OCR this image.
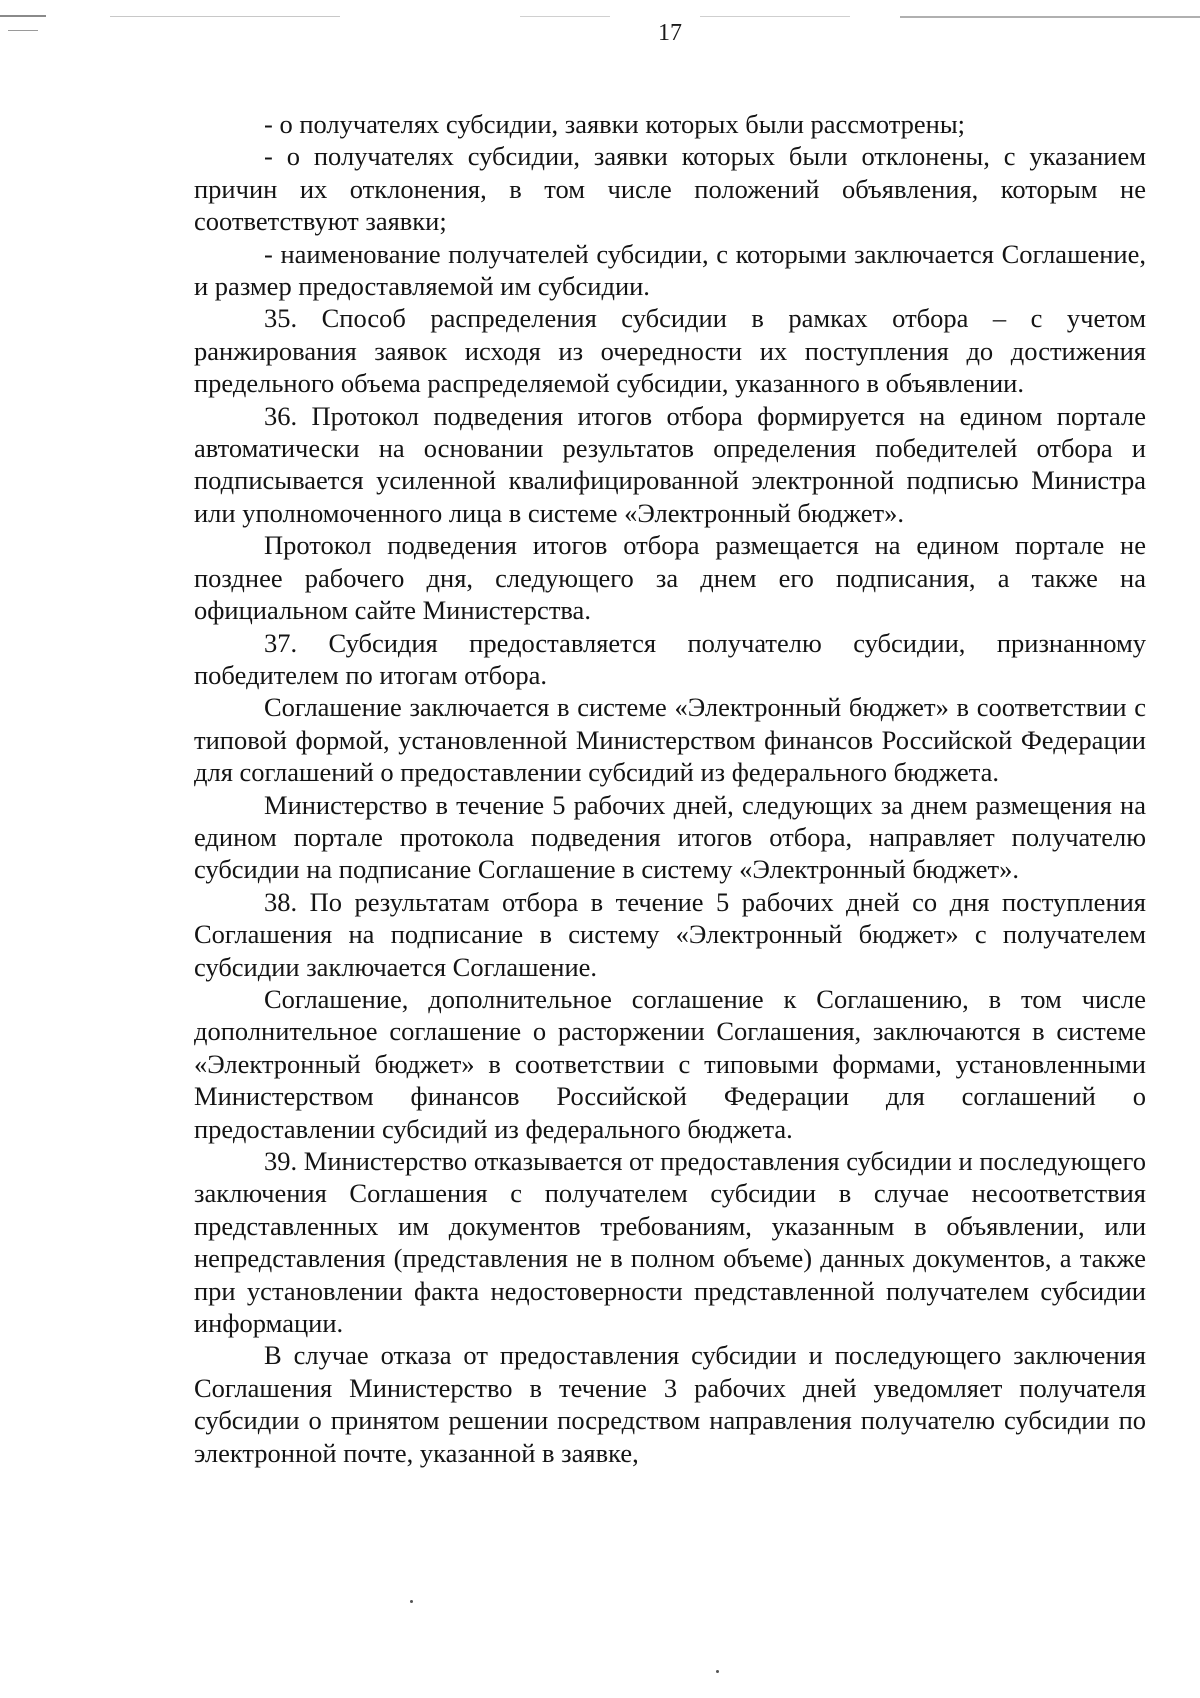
17

- о получателях субсидии, заявки которых были рассмотрены;

- о получателях субсидии, заявки которых были отклонены, с указанием причин их отклонения, в том числе положений объявления, которым не соответствуют заявки;

- наименование получателей субсидии, с которыми заключается Соглашение, и размер предоставляемой им субсидии.

35. Способ распределения субсидии в рамках отбора – с учетом ранжирования заявок исходя из очередности их поступления до достижения предельного объема распределяемой субсидии, указанного в объявлении.

36. Протокол подведения итогов отбора формируется на едином портале автоматически на основании результатов определения победителей отбора и подписывается усиленной квалифицированной электронной подписью Министра или уполномоченного лица в системе «Электронный бюджет».

Протокол подведения итогов отбора размещается на едином портале не позднее рабочего дня, следующего за днем его подписания, а также на официальном сайте Министерства.

37. Субсидия предоставляется получателю субсидии, признанному победителем по итогам отбора.

Соглашение заключается в системе «Электронный бюджет» в соответствии с типовой формой, установленной Министерством финансов Российской Федерации для соглашений о предоставлении субсидий из федерального бюджета.

Министерство в течение 5 рабочих дней, следующих за днем размещения на едином портале протокола подведения итогов отбора, направляет получателю субсидии на подписание Соглашение в систему «Электронный бюджет».

38. По результатам отбора в течение 5 рабочих дней со дня поступления Соглашения на подписание в систему «Электронный бюджет» с получателем субсидии заключается Соглашение.

Соглашение, дополнительное соглашение к Соглашению, в том числе дополнительное соглашение о расторжении Соглашения, заключаются в системе «Электронный бюджет» в соответствии с типовыми формами, установленными Министерством финансов Российской Федерации для соглашений о предоставлении субсидий из федерального бюджета.

39. Министерство отказывается от предоставления субсидии и последующего заключения Соглашения с получателем субсидии в случае несоответствия представленных им документов требованиям, указанным в объявлении, или непредставления (представления не в полном объеме) данных документов, а также при установлении факта недостоверности представленной получателем субсидии информации.

В случае отказа от предоставления субсидии и последующего заключения Соглашения Министерство в течение 3 рабочих дней уведомляет получателя субсидии о принятом решении посредством направления получателю субсидии по электронной почте, указанной в заявке,
